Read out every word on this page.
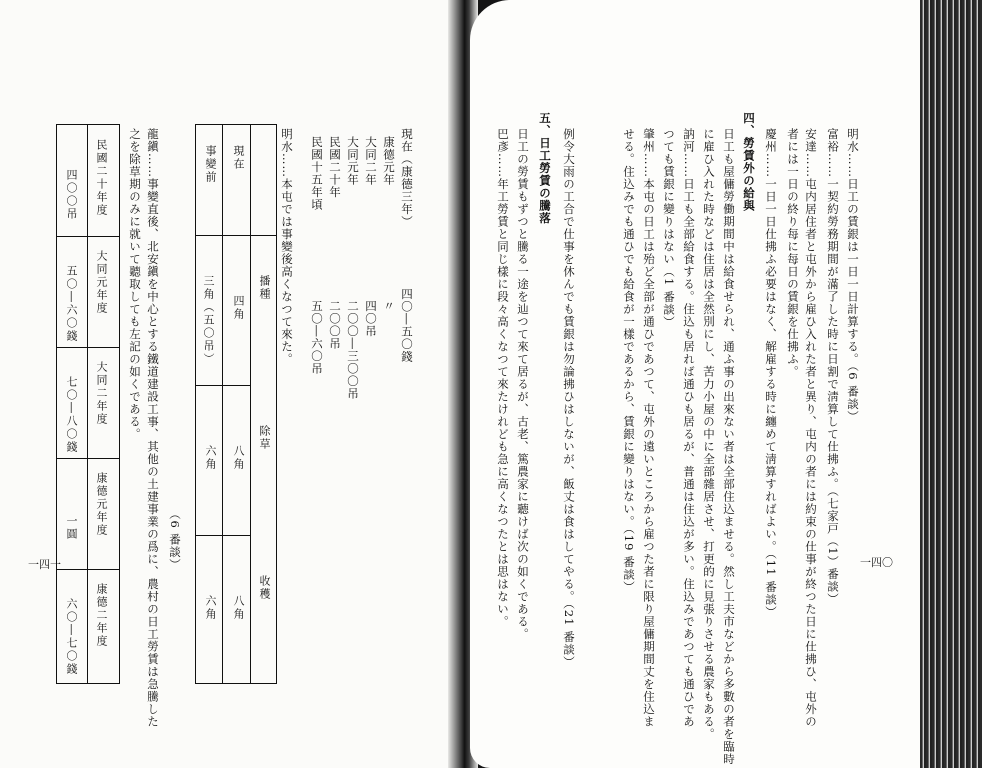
一四一
明水……本屯では事變後高くなつて來た。	現在（康德三年）
四〇―五〇錢
康德元年
〃
大同二年
四〇吊
大同元年
二〇〇―三〇〇吊
民國二十年
二〇〇吊
民國十五年頃
五〇―六〇吊
（6 番談）
播種
除草
收穫
現在
事變前
四角
三角（五〇吊）
八角
六角
八角
六角
龍鎭……事變直後、北安鎭を中心とする鐵道建設工事、其他の土建事業の爲に、農村の日工勞賃は急騰した
之を除草期のみに就いて聽取しても左記の如くである。
民國二十年度
大同元年度
大同二年度
康德元年度
康德二年度
四〇〇吊
五〇―六〇錢
七〇―八〇錢
一圓
六〇―七〇錢
一四〇
明水……日工の賃銀は一日一日計算する。（6 番談）
富裕……一契約勞務期間が滿了した時に日割で淸算して仕拂ふ。（七家戸（1）番談）
安達……屯内居住者と屯外から雇ひ入れた者と異り、屯内の者には約束の仕事が終つた日に仕拂ひ、屯外の
者には一日の終り每に每日の賃銀を仕拂ふ。
慶州……一日一日仕拂ふ必要はなく、解雇する時に纏めて淸算すればよい。（11 番談）
四、勞賃外の給與
日工も屋傭勞働期間中は給食せられ、通ふ事の出來ない者は全部住込ませる。然し工夫市などから多數の者を臨時
に雇ひ入れた時などは住居は全然別にし、苦力小屋の中に全部雜居させ、打更的に見張りさせる農家もある。
訥河……日工も全部給食する。住込も居れば通ひも居るが、普通は住込が多い。住込みであつても通ひであ
つても賃銀に變りはない（1 番談）
肇州……本屯の日工は殆ど全部が通ひであつて、屯外の遠いところから雇つた者に限り屋傭期間丈を住込ま
せる。住込みでも通ひでも給食が一樣であるから、賃銀に變りはない。（19 番談）
例令大雨の工合で仕事を休んでも賃銀は勿論拂ひはしないが、飯丈は食はしてやる。（21 番談）
五、日工勞賃の騰落
日工の勞賃もずつと騰る一途を辿つて來て居るが、古老、篤農家に聽けば次の如くである。
巴彥……年工勞賃と同じ樣に段々高くなつて來たけれども急に高くなつたとは思はない。
